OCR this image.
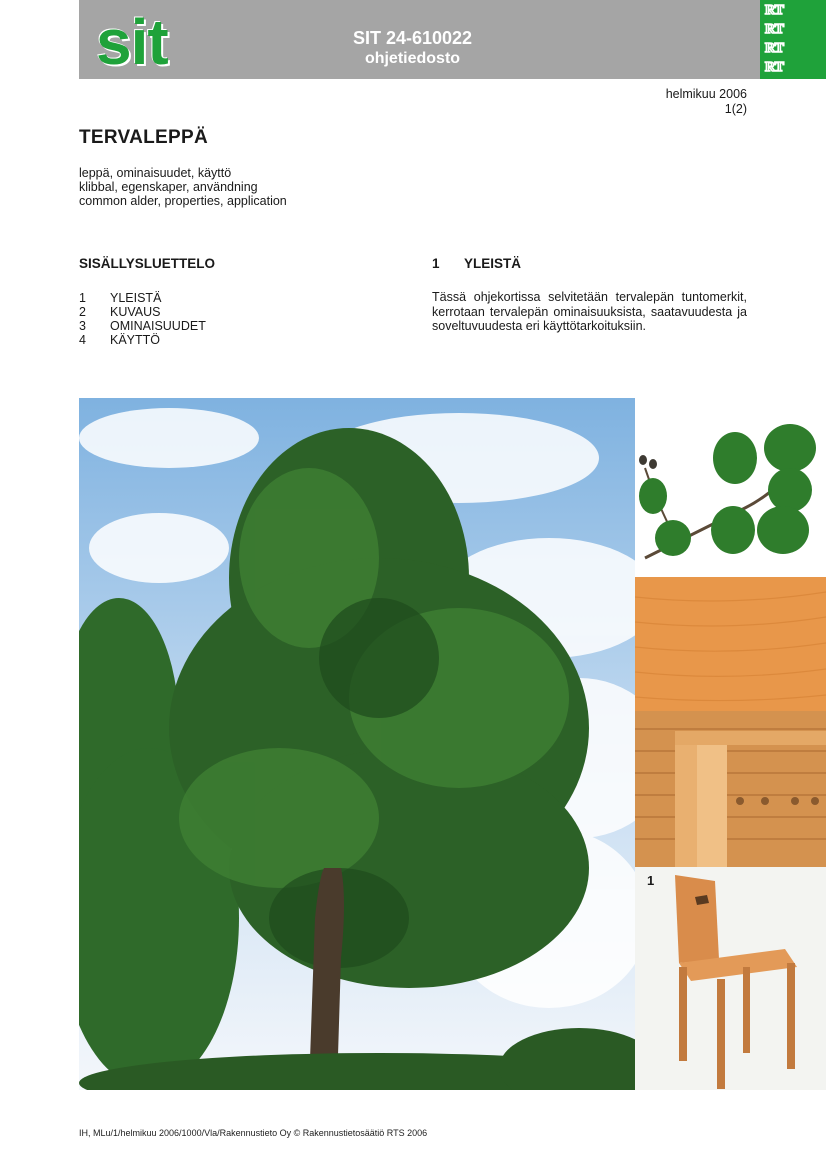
sit	SIT 24-610022
ohjetiedosto
RT
RT
RT
RT
helmikuu 2006
1(2)
TERVALEPPÄ
leppä, ominaisuudet, käyttö
klibbal, egenskaper, användning
common alder, properties, application
SISÄLLYSLUETTELO
1 YLEISTÄ
2 KUVAUS
3 OMINAISUUDET
4 KÄYTTÖ
1 YLEISTÄ
Tässä ohjekortissa selvitetään tervalepän tuntomerkit, kerrotaan tervalepän ominaisuuksista, saatavuudesta ja soveltuvuudesta eri käyttötarkoituksiin.
1
IH, MLu/1/helmikuu 2006/1000/Vla/Rakennustieto Oy © Rakennustietosäätiö RTS 2006
